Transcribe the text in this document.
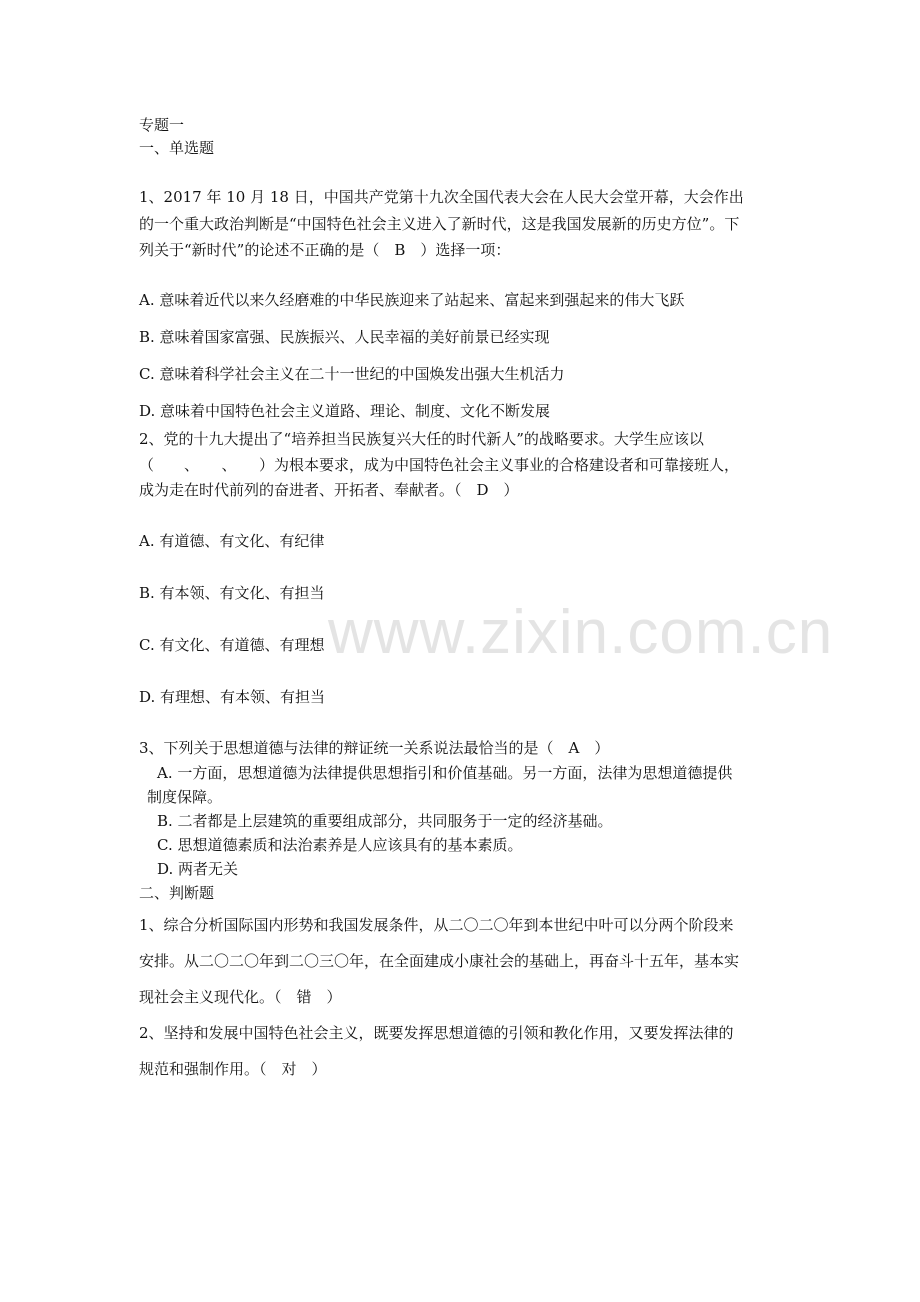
www.zixin.com.cn
专题一
一、单选题
1、2017 年 10 月 18 日，中国共产党第十九次全国代表大会在人民大会堂开幕，大会作出
的一个重大政治判断是“中国特色社会主义进入了新时代，这是我国发展新的历史方位”。下
列关于“新时代”的论述不正确的是（　B　）选择一项：
A. 意味着近代以来久经磨难的中华民族迎来了站起来、富起来到强起来的伟大飞跃
B. 意味着国家富强、民族振兴、人民幸福的美好前景已经实现
C. 意味着科学社会主义在二十一世纪的中国焕发出强大生机活力
D. 意味着中国特色社会主义道路、理论、制度、文化不断发展
2、党的十九大提出了“培养担当民族复兴大任的时代新人”的战略要求。大学生应该以
（　　、　　、　　）为根本要求，成为中国特色社会主义事业的合格建设者和可靠接班人，
成为走在时代前列的奋进者、开拓者、奉献者。（　D　）
A. 有道德、有文化、有纪律
B. 有本领、有文化、有担当
C. 有文化、有道德、有理想
D. 有理想、有本领、有担当
3、下列关于思想道德与法律的辩证统一关系说法最恰当的是（　A　）
A. 一方面，思想道德为法律提供思想指引和价值基础。另一方面，法律为思想道德提供
制度保障。
B. 二者都是上层建筑的重要组成部分，共同服务于一定的经济基础。
C. 思想道德素质和法治素养是人应该具有的基本素质。
D. 两者无关
二、判断题
1、综合分析国际国内形势和我国发展条件，从二〇二〇年到本世纪中叶可以分两个阶段来
安排。从二〇二〇年到二〇三〇年，在全面建成小康社会的基础上，再奋斗十五年，基本实
现社会主义现代化。（　错　）
2、坚持和发展中国特色社会主义，既要发挥思想道德的引领和教化作用，又要发挥法律的
规范和强制作用。（　对　）
